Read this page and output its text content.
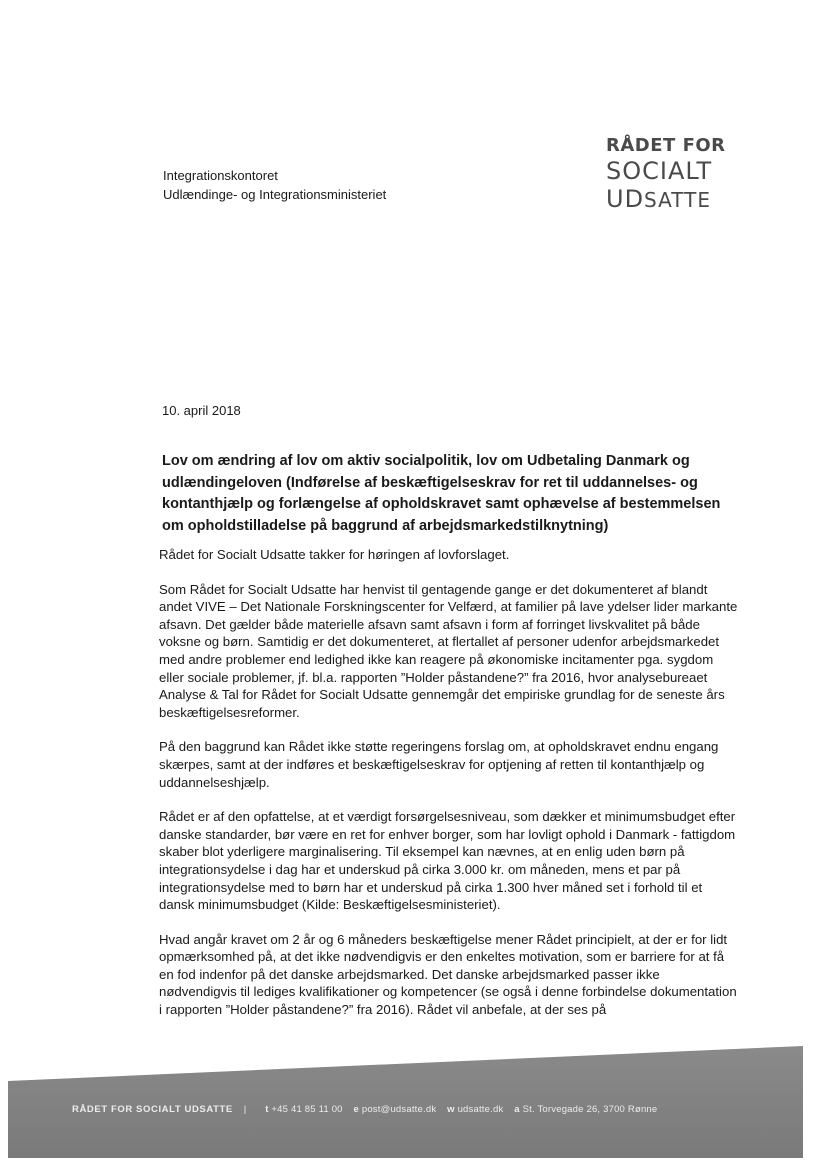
Integrationskontoret
Udlændinge- og Integrationsministeriet
RÅDET FOR
SOCIALT
UDSATTE
10. april 2018
Lov om ændring af lov om aktiv socialpolitik, lov om Udbetaling Danmark og udlændingeloven (Indførelse af beskæftigelseskrav for ret til uddannelses- og kontanthjælp og forlængelse af opholdskravet samt ophævelse af bestemmelsen om opholdstilladelse på baggrund af arbejdsmarkedstilknytning)

Rådet for Socialt Udsatte takker for høringen af lovforslaget.

Som Rådet for Socialt Udsatte har henvist til gentagende gange er det dokumenteret af blandt andet VIVE – Det Nationale Forskningscenter for Velfærd, at familier på lave ydelser lider markante afsavn. Det gælder både materielle afsavn samt afsavn i form af forringet livskvalitet på både voksne og børn. Samtidig er det dokumenteret, at flertallet af personer udenfor arbejdsmarkedet med andre problemer end ledighed ikke kan reagere på økonomiske incitamenter pga. sygdom eller sociale problemer, jf. bl.a. rapporten ”Holder påstandene?” fra 2016, hvor analysebureaet Analyse & Tal for Rådet for Socialt Udsatte gennemgår det empiriske grundlag for de seneste års beskæftigelsesreformer.

På den baggrund kan Rådet ikke støtte regeringens forslag om, at opholdskravet endnu engang skærpes, samt at der indføres et beskæftigelseskrav for optjening af retten til kontanthjælp og uddannelseshjælp.

Rådet er af den opfattelse, at et værdigt forsørgelsesniveau, som dækker et minimumsbudget efter danske standarder, bør være en ret for enhver borger, som har lovligt ophold i Danmark - fattigdom skaber blot yderligere marginalisering. Til eksempel kan nævnes, at en enlig uden børn på integrationsydelse i dag har et underskud på cirka 3.000 kr. om måneden, mens et par på integrationsydelse med to børn har et underskud på cirka 1.300 hver måned set i forhold til et dansk minimumsbudget (Kilde: Beskæftigelsesministeriet).

Hvad angår kravet om 2 år og 6 måneders beskæftigelse mener Rådet principielt, at der er for lidt opmærksomhed på, at det ikke nødvendigvis er den enkeltes motivation, som er barriere for at få en fod indenfor på det danske arbejdsmarked. Det danske arbejdsmarked passer ikke nødvendigvis til lediges kvalifikationer og kompetencer (se også i denne forbindelse dokumentation i rapporten ”Holder påstandene?” fra 2016). Rådet vil anbefale, at der ses på

RÅDET FOR SOCIALT UDSATTE | t +45 41 85 11 00 e post@udsatte.dk w udsatte.dk a St. Torvegade 26, 3700 Rønne
